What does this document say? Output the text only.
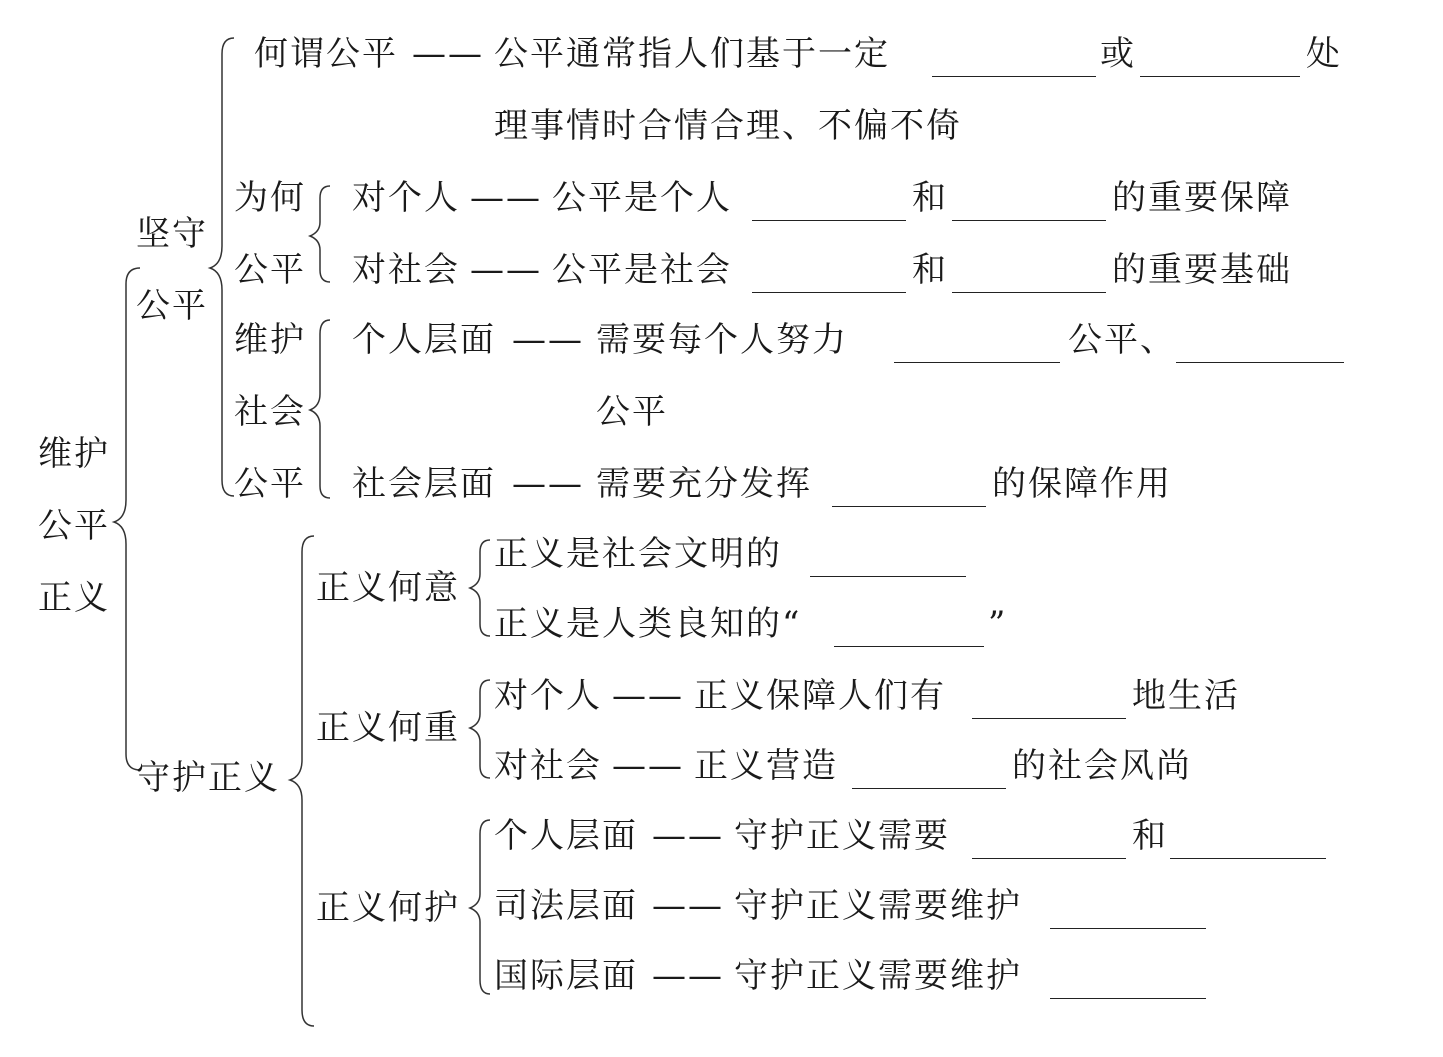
维护
公平
正义
坚守
公平
何谓公平 —— 公平通常指人们基于一定	或	处
理事情时合情合理、不偏不倚
为何
公平
对个人 —— 公平是个人	和	的重要保障
对社会 —— 公平是社会	和	的重要基础
维护
社会
公平
个人层面 —— 需要每个人努力	公平、
公平
社会层面 —— 需要充分发挥	的保障作用
守护正义
正义何意
正义是社会文明的
正义是人类良知的“	”
正义何重
对个人 —— 正义保障人们有	地生活
对社会 —— 正义营造	的社会风尚
正义何护
个人层面 —— 守护正义需要	和
司法层面 —— 守护正义需要维护
国际层面 —— 守护正义需要维护
